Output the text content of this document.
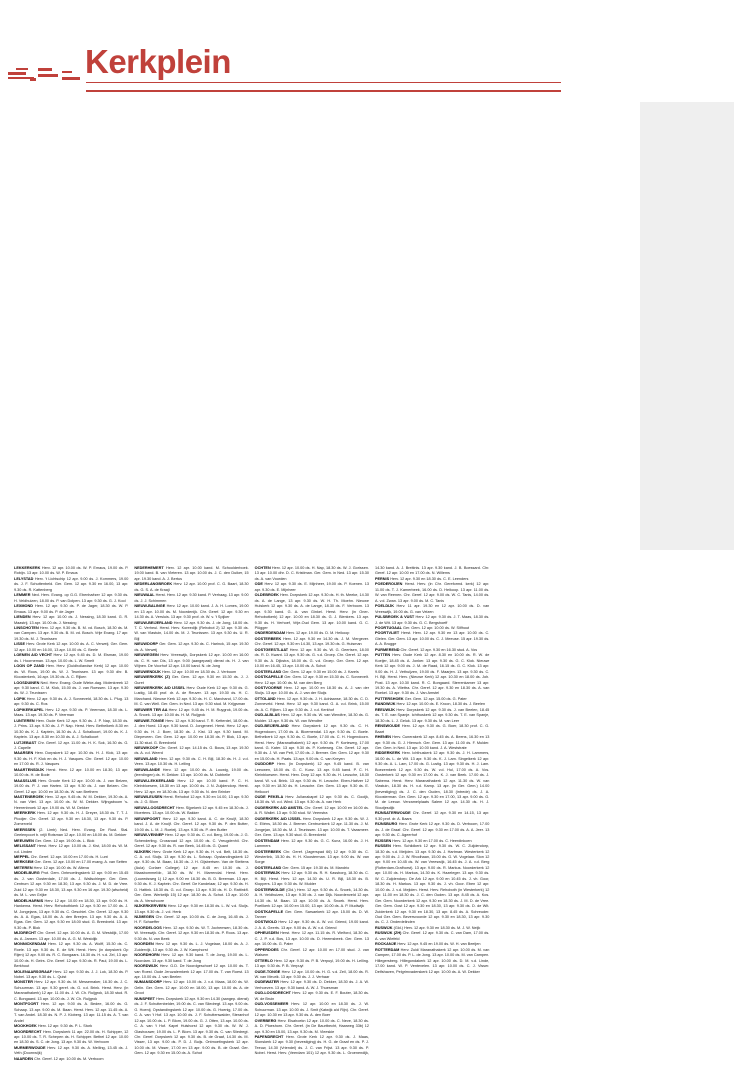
Kerkplein

LEKKERKERK Herv. 12 apr. 10.00 ds. W. P. Emaus, 19.00 ds. P. Robijn. 13 apr. 10.00 ds. W. P. Emaus

LELYSTAD Herv. 't Lichtschip 12 apr. 9.00 ds. J. Kommers, 19.00 ds. J. F. Schuttenbeld. Ger. Gem. 12 apr. 9.30 en 16.00, 13 apr. 9.30 ds. R. Kattenberg

LEMMER Ned. Herv. Evang. op G.G. Ebenhaëzer 12 apr. 9.30 ds. H. Veldhuizen, 18.00 ds. P. van Dolpen. 13 apr. 9.30 ds. G. J. Kool

LEXMOND Herv. 12 apr. 9.30 ds. P. de Jager, 18.30 ds. W. P. Emaus. 13 apr. 9.00 ds. P. de Jager

LIENDEN Herv. 12 apr. 10.00 ds. J. Nessing, 18.30 kand. G. R. Maastrij. 13 apr. 10.00 ds. J. Nessing

LINSCHOTEN Herv. 12 apr. 9.30 ds. B. M. vd. Bosch, 18.30 ds. M. van Campen. 13 apr. 9.30 ds. B. M. vd. Bosch. Vrije Evang. 17 apr. 19.30 ds. M. J. Teunissen

LISSE Herv. Grote Kerk 12 apr. 10.00 ds. A. C. Verweij. Ger. Gem. 12 apr. 10.00 en 16.00, 13 apr. 10.00 ds. C. Beele

LOENEN A/D VECHT Herv. 12 apr. 9.45 ds. D. M. Elsman, 19.00 ds. I. Hoorneman. 13 apr. 10.00 ds. L. W. Smelt

LOON OP ZAND Herv. Herv. (Duidhollandse Kerk) 12 apr. 10.00 ds. W. Roos, 19.00 ds. W. J. Teunissen. 13 apr. 9.30 dhr. B. Kloosterkerk, 16 apr. 19.30 ds. A. C. Rijken

LOOSDUINEN Ned. Herv. Evang. Oude Wieke-dag. Molenkreek 12 apr. 9.30 kand. C. M. Klok, 15.00 ds. J. van Roessen. 13 apr. 9.30 ds. W. J. Teunissen

LOPIK Herv. 12 apr. 9.30 ds. A. J. Sonneveld, 18.30 ds. L. Plug. 13 apr. 9.30 ds. C. Ros

LOPIKERKAPEL Herv. 12 apr. 9.30 ds. P. Veerman, 18.30 ds. L. Maas. 13 apr. 19.30 ds. P. Veerman

LUNTEREN Herv. Oude Kerk 12 apr. 9.30 ds. J. P. Nap, 18.30 ds. J. Prins. 13 apr. 9.30 ds. J. P. Nap. Herst. Herv. Bethelkerk 8.30 en 10.30 ds. K. J. Kaptein, 16.30 ds. A. J. Schalkoort, 19.00 ds. K. J. Kaptein. 13 apr. 8.30 en 10.30 ds. A. J. Schalkoort

LUTJEBAST Chr. Geref. 12 apr. 11.00 ds. H. K. Sok, 16.30 ds. G. J. Capelle

MAARSEN Herv. Dorpskerk 12 apr. 10.30 ds. H. J. Klok, 13 apr. 9.30 ds. H. F. Klok en ds. H. J. Vasques. Chr. Geref. 12 apr. 10.00 en 17.00 ds. R. J. Vasques

MAARTENSDIJK Herst. Herv. 12 apr. 10.00 en 18.30, 13 apr. 10.00 ds. H. de Bode

MAASSLUIS Herv. Groote Kerk 12 apr. 10.00 ds. J. van Belzen, 19.00 ds. P. J. van Harten. 13 apr. 9.30 ds. J. van Belzen. Chr. Geref. 12 apr. 10.00 en 18.30 ds. W. van Brethem

MASTENBROEK Herv. 12 apr. 9.45 ds. W. M. Dekker, 19.30 ds. A. N. van Vliet. 13 apr. 10.00 ds. W. M. Dekker. Wijngaboom 's-Heerenbroek 12 apr. 19.00 ds. W. M. Dekker

MEERKERK Herv. 12 apr. 9.30 ds. H. J. Dreyer, 18.30 ds. T. T. J. Plooijer. Chr. Geref. 12 apr. 9.30 en 18.30, 13 apr. 9.30 ds. P. Zomerveld

MEERSSEN (2. Limb) Ned. Herv. Evang. De Rust. Stal. Geelenpoort b. vrijli Rotsman 12 apr. 10.00 en 18.00 ds. M. Dekker

MEEUWEN Ger. Gem. 12 apr. 19.00 ds. L. Blok

MELISSANT Herst. Herv. 12 apr. 10.00 ds. J. Kist, 18.00 ds. W. M. v.d. Linden

MEPPEL Chr. Geref. 12 apr. 10.00 en 17.00 ds. H. Lunt

MERKSEM Ger. Gem. 12 apr. 10.00 en 17.00 evang. A. van Setten

METEREN Herv. 12 apr. 10.00 ds. W. Altena

MIDDELBURG Prot. Gem. Ontmoetingskerk 12 apr. 9.00 en 15.45 ds. J. van Oosterdale, 17.00 ds. J. Wallschleger. Ger. Gem. Centrum 12 apr. 9.30 en 18.30, 13 apr. 9.30 ds. J. M. D. de Vree. Zuid 12 apr. 9.30 en 18.30, 13 apr. 9.30 en 16 apr. 19.30 (afscheid) ds. M. L. van Grijke

MIDDELHARNIS Herv. 12 apr. 10.00 en 18.30, 13 apr. 9.00 ds. H. Hankema. Herst. Herv. Rehobothkerk 12 apr. 9.30 en 17.00 ds. J. M. Jongejans, 13 apr. 9.30 ds. C. Geschiel. Chr. Geref. 12 apr. 9.30 ds. A. A. Egas, 18.00 ds. A. den Breejen. 13 apr. 9.30 ds. A. A. Egas. Ger. Gem. 12 apr. 9.30 en 18.00 stud. G. Breedveld. 13 apr. 9.30 ds. P. Blok

MIJDRECHT Chr. Geref. 12 apr. 10.00 ds. A. G. M. Westdijk, 17.00 ds. A. Jansen. 13 apr. 10.00 ds. A. G. M. Westdijk

MONNICKENDAM Herv. 12 apr. 9.30 ds. A. Wolff, 15.30 ds. C. Roele. 13 apr. 9.30 ds. E. de Wit. Herst. Herv. (in dorpskerk Op Rijen) 12 apr. 9.00 ds. R. C. Bongaars. 16.30 ds. H. v.d. Zel, 13 apr. 10.00 ds. H. Gelrs. Chr. Geref. 12 apr. 9.30 ds. R. Paul, 19.00 ds. L. Berkhout

MOLENAARSGRAAF Herv. 12 apr. 9.30 ds. J. J. Lok, 18.30 ds. P. Nobel. 13 apr. 9.30 ds. L. Quist

MONSTER Herv. 12 apr. 9.30 ds. M. Messemaker, 16.30 ds. J. C. Schuurman. 13 apr. 9.30 geref. ds. G. v.d. Brink. Herst. Herv. (in Maranathakerk) 12 apr. 11.00 ds. J. W. Ch. Ruijgrok, 18.30 stud. R. C. Bongaard. 13 apr. 10.00 ds. J. W. Ch. Ruijgrok

MONTFOORT Herv. 12 apr. 9.00 ds. A. Bedee, 16.00 ds. G. Schaap. 13 apr. 9.00 ds. M. Baan. Herst. Herv. 12 apr. 11.45 ds. A. T. van Andel. 18.30 ds. N. P. J. Kloberg. 13 apr. 11.15 ds. A. T. van Andel

MOOKHOEK Herv. 12 apr. 9.30 ds. P. L. Stork

MOORDRECHT Herv. Dorpskerk 11 apr. 22.00 ds. H. Schipper, 12 apr. 10.00 ds. T. R. Schepen ds. H. Schipper. Bethel 12 apr. 10.00 en 18.30 ds. S. C. de Jong. 13 apr. 9.30 ds. W. Verboom

MURMERWOUDE Herv. 12 apr. 9.30 ds. A. Melling, 13.45 ds. J. Veth (Doornwijk)

NAARDEN Chr. Geref. 12 apr. 10.00 ds. M. Verboom

NEDERHEMERT Herv. 12 apr. 10.00 kand. M. Schoolderboek. 19.00 kand. B. van Vleteren. 13 apr. 10.00 ds. J. C. den Duiker, 15 apr. 19.30 kand. A. J. Bertus

NEDERLANGBROEK Herv. 12 apr. 10.00 prof. C. G. Baart, 18.30 ds. G. S. A. de Kraaji

NIEUWAAL Herst. Herv. 12 apr. 9.30 kand. P. Verhaag. 13 apr. 9.00 ds. J. J. Schimmen

NIEUW-BALINGE Herv. 12 apr. 10.00 kand. J. A. H. Lomes, 19.00 en 13 apr. 10.00 ds. M. Noordenijk. Chr. Geref. 12 apr. 9.30 en 14.30 ds. A. Versluis. 13 apr. 9.30 prof. dr. W. v. 't Spijker

NIEUW-BEIJERLAND Herv. 12 apr. 9.30 ds. J. de Jong, 18.00 ds. T. C. Verheul. Herst. Herv. Koreedijk (Rehobot 2) 12 apr. 9.30 ds. W. van Vlastuin, 14.00 ds. M. J. Teunissen. 13 apr. 9.30 ds. U. R. Bijl

NIEUWDORP Ger. Gem. 12 apr. 9.30 ds. C. Harinck, 15 apr. 19.30 ds. A. Verweij

NIEUWEGEIN Herv. Vreeswijk, Dorpskerk 12 apr. 10.00 en 16.00 ds. C. H. van Dis, 13 apr. 9.00 (aangepast) dienst ds. H. J. van Wijnen. De Voorhof 12 apr. 10.00 kand. N. de Jong

NIEUWENDIJK Herv. 12 apr. 10.00 en 18.30 ds. J. Verboom

NIEUWERKERK (Z) Ger. Gem. 12 apr. 9.30 en 15.30 ds. J. J. Guret

NIEUWERKERK A/D IJSSEL Herv. Oude Kerk 12 apr. 9.30 ds. G. Lustig, 18.45 prof. dr. A. de Reuver. 13 apr. 19.30 ds. H. C. Marchand. Nieuwe Kerk 12 apr. 9.30 ds. H. C. Marchand, 17.00 ds. M. C. van Well. Ger. Gem. in Ned. 13 apr. 9.30 stud. M. Krijgsman

NIEUWER TER AA Herv. 12 apr. 9.45 ds. H. M. Ruygrok, 19.00 ds. A. Snoek. 13 apr. 10.00 ds. H. M. Ruijgrok

NIEUWE-TONGE Herv. 12 apr. 9.30 kand. T. R. Ketterdel, 18.00 ds. J. den Hoed. 13 apr. 9.30 kand. D. Jongeneel. Herst. Herv. 12 apr. 9.30 ds. H. J. Boer, 18.30 ds. J. Kist. 13 apr. 9.30 kand. M. Diepeveen. Ger. Gem. 12 apr. 10.00 en 18.30 ds. P. Blok, 13 apr. 11.30 stud. G. Breedveld

NIEUWKOOP Chr. Geref. 12 apr. 14.15 ds. G. Bouw, 13 apr. 19.30 ds. A. v.d. Weerd

NIEUWLAND Herv. 12 apr. 9.30 ds. C. H. Bijl, 18.30 ds. H. J. v.d. Veen. 13 apr. 10.30 ds. H. Lelling

NIEUWLANDE Herv. 12 apr. 10.00 ds. A. Louwig, 19.00 ds. (leerdingen) ds. H. Dekker. 13 apr. 10.00 ds. M. Dubbelie

NIEUW-LEKKERLAND Herv. 12 apr. 10.00 kand. P. C. H. Kleinbloesem, 18.30 en 13 apr. 10.00 ds. J. N. Zuijdendorp. Herst. Herv. 12 apr. en 18.30 ds. 13 apr. 9.30 ds. N. den Brinker

NIEUWLEUSEN Herst. Rehobot 12 apr. 9.30 en 14.00, 13 apr. 9.30 ds. J. G. Blom

NIEUW-LOOSDRECHT Herv. Sijpekerk 12 apr. 9.45 en 18.30 ds. J. Moertens. 13 apr. 10.00 ds. W. Bakker

NIEUWPOORT Herv. 12 apr. 9.30 kand. A. C. de Knuijf, 18.30 kand. J. A. de Knuijf. Chr. Geref. 12 apr. 9.30 ds. P. den Butter, 19.00 ds. L. M. J. Roeleij. 13 apr. 9.30 ds. P. den Butter

NIEUW-VENNEP Herv. 12 apr. 9.30 ds. C. v.d. Berg, 19.00 ds. J. G. Schenderling. Crossroad 12 apr. 10.00 ds. C. Vreugdenhil. Chr. Geref. 12 apr. 9.30 ds. R. van Beek, 14.45 ds. G. Quant

NIJKERK Herv. Grote Kerk 12 apr. 9.30 ds. H. v.d. Belt, 18.30 ds. C. A. v.d. Sluijs. 13 apr. 9.30 ds. L. Schaap. Opstandingskerk 12 apr. 9.30 ds. M. Baan, 16.30 ds. J. H. Gijsbertsen. Van de Steltens (Aula) Corlaer College) 12 apr. 8.45 en 10.30 ds. J. Maasbommel/dr., 18.30 ds. W. H. Marrendal. Herst. Herv. (Looredsweg 1) 12 apr. 9.00 en 16.30 ds. B. D. Breeman. 13 apr. 9.30 ds. K. J. Kaptein. Chr. Geref. De Kandelaar, 12 apr. 9.30 ds. H. D. Hattink. 18.30 ds. G. v.d. Groep. 13 apr. 9.30 ds. H. D. Rattinkfl. Ger. Gem. Werkelijk 15) 12 apr. 18.30 ds. A. Schot. 13 apr. 10.00 ds. A. Verschoore

NIJKERKERVEEN Herv. 12 apr. 9.30 en 18.30 ds. L. W. v.d. Sluijs. 13 apr. 9.30 ds. J. v.d. Henk

NIJMEGEN Chr. Geref. 12 apr. 10.00 ds. C. de Jong, 16.45 ds. J. H. F. Schaeffer

NOORDELOOS Herv. 12 apr. 9.30 ds. W. T. Jochemsen, 18.30 ds. W. Vreeswijk. Chr. Geref. 12 apr. 9.30 en 18.30 ds. P. Roos. 13 apr. 9.30 ds. N. van Beek

NOORDEN Herv. 12 apr. 9.30 ds. L. J. Vogelaar, 18.00 ds. A. J. Zuidervijk, 13 apr. 9.30 ds. J. W. Kamphorst

NOORDHORN Herv. 12 apr. 9.30 kand. T. de Jong, 19.00 ds. L. Noordam. 13 apr. 9.30 kand. T. de Jong

NOORDWIJK Herv. G.D. De Noordgeschoef 12 apr. 10.00 ds. T. van Roest. Oude Jeruzalemkerk 12 apr. 17.00 ds. T. van Roest. 13 apr. 10.00 ds. J. van Beelen

NUMANSDORP Herv. 12 apr. 10.00 ds. J. v.d. Maas, 18.00 ds. W. Gelin. Ger. Gem. 12 apr. 10.00 en 18.00, 13 apr. 10.00 ds. A. de Groot

NUNSPEET Herv. Dorpskerk 12 apr. 9.30 en 14.30 (aangep. dienst) ds. J. F. Schuttenbelder, 19.00 ds. C. van Sliedregt. 13 apr. 9.00 ds. G. Hoenij. Opstandingskerk 12 apr. 10.00 ds. G. Hoenig, 17.00 ds. C. A. van 't Hof. 13 apr. 10.00 ds. J. F. Schuttenwalder, Steranhof 12 apr. 10.00 ds. L. P. Blom, 19.00 ds. G. J. Otten, 13 apr. 10.00 ds. C. A. van 't Hof. Kapel Hulshorst 12 apr. 9.30 ds. W. W. J. Glashouwer, 19.00 ds. L. P. Blom. 13 apr. 9.30 ds. C. van Sliedregt. Chr. Geref. Dorpskerk 12 apr. 9.30 ds. B. de Graaf, 14.30 ds. M. Visser, 13 apr. 9.00 ds. P. D. J. Buijs. Ontmoetingskerk 12 apr. 10.00 ds. M. Visser, 17.00 en 13 apr. 9.00 ds. B. de Graaf. Ger. Gem. 12 apr. 9.30 en 15.00 ds. A. Schot

OCHTEN Herv. 12 apr. 10.00 ds. H. Nap, 18.30 ds. W. J. Gorissen. 13 apr. 10.00 dhr. D. C. Kristiman. Ger. Gem. in Ned. 13 apr. 15.30 ds. A. van Voorden

ODE Herv. 12 apr. 9.30 ds. E. Mijnheer, 19.00 ds. P. Koenen. 13 apr. 9.30 ds. E. Mijnheer

OLDEBROEK Herv. Dorpskerk 12 apr. 9.30 ds. H. th. Meeke, 14.30 ds. A. de Lange, 13 apr. 9.30 ds. W. H. Th. Moehn. Nieuwe Hulskerk 12 apr. 9.30 ds. A. de Lange, 18.30 ds. F. Verboom. 13 apr. 9.30 kand. G. A. van Ginkel. Herst. Herv. (in Oner-Rehobotkerk) 12 apr. 10.00 en 18.30 ds. G. J. Blenkers. 13 apr. 9.30 ds. H. Verhoef, Vrije-Oud Gem. 13 apr. 10.00 kand. G. C. Plügger

ONDERDENDAM Herv. 12 apr. 19.00 ds. D. M. Heikoop

OOSTERBEEK Herv. 12 apr. 9.30 en 14.30 ds. J. M. Viergever. Chr. Geref. 12 apr. 9.30 en 14.30, 13 apr. 19.30 ds. G. Huisman

OOSTGEESTLAAT Herv. 12 apr. 9.30 ds. W. G. Geertsen, 18.00 ds. R. D. Kwant. 13 apr. 9.30 ds. G. v.d. Groep. Chr. Geref. 12 apr. 9.30 ds. A. Dijkstra, 18.00 ds. G. v.d. Groep. Ger. Gem. 12 apr. 10.00 en 16.45, 13 apr. 10.00 ds. A. Schot

OOSTERLAND Ger. Gem. 12 apr. 9.30 en 15.00 ds. J. Karels

OOSTKAPELLE Ger. Gem. 12 apr. 9.30 en 15.30 ds. C. Sonnevelt. Herv. 12 apr. 10.00 ds. M. van den Berg

OOSTVOORNE Herv. 12 apr. 10.00 en 18.30 ds. A. J. van der Sluijs. 13 apr. 10.00 ds. A. J. van der Sluijs

OTTOLAND Herv. 12 apr. 9.30 ds. J. H. Adriaanse, 18.30 ds. C. D. Zonneveld. Herst. Herv. 12 apr. 9.30 kand. G. A. v.d. Brink, 15.00 ds. A. C. Rijken. 13 apr. 9.30 ds. J. v.d. Kerkhof

OUD-ALBLAS Herv. 12 apr. 9.30 ds. W. van Wendtre, 18.30 ds. G. Mulder. 13 apr. 9.30 ds. W. van Wendtre

OUD-BEIJERLAND Herv. Dorpskerk 12 apr. 9.30 ds. C. H. Hogendoorn, 17.00 ds. A. Bloemendal. 13 apr. 9.30 ds. C. Boele. Bethelkerk 12 apr. 9.30 ds. C. Boele, 17.00 ds. C. H. Hogendoorn. Herst. Herv. (Maranathakerk) 12 apr. 9.30 ds. P. Korteweg, 17.00 kand. G. Kater. 13 apr. 9.30 ds. P. Korteweg. Chr. Geref. 12 apr. 9.30 ds. J. W. van Pelt, 17.00 ds. J. Bremer. Ger. Gem. 12 apr. 9.30 en 15.00 ds. H. Paats. 13 apr. 9.00 ds. C. van Kreyen

OUDDORP Herv. (in Dorpskerk) 12 apr. 9.45 kand. B. van Leeuwen, 18.00 ds. G. C. Kunz. 13 apr. 9.45 kand. P. C. H. Kleinbloesem. Herst. Herv. Dorp 12 apr. 9.30 ds. H. Leusche, 18.30 kand. W. v.d. Brink. 13 apr. 9.30 ds. H. Leusche. Eben-Haëzer 12 apr. 9.30 en 18.30 ds. H. Leusche. Ger. Gem. 13 apr. 9.30 ds. E. Heikoort

OUDE PEKELA Herv. Jullanakapel 12 apr. 9.30 ds. C. Gooijk, 18.30 ds. W. v.d. Wind. 13 apr. 9.30 ds. A. van Herk

OUDERKERK A/D AMSTEL Chr. Geref. 12 apr. 10.00 en 16.00 ds. A. R. Wallet. 13 apr. 9.30 stud. W. Veenstra

OUDERKERK A/D IJSSEL Herv. Dorpskerk 12 apr. 9.30 ds. W. J. C. Eliéns, 18.30 ds. J. Bremer. Centrumkerk 12 apr. 11.30 ds. J. M. Jongejan, 18.30 ds. M. J. Teunissen. 13 apr. 10.00 ds. T. Vaasmeer. Ger. Gem. 13 apr. 9.30 stud. G. Breedveld

OOSTENDAM Herv. 12 apr. 9.30 ds. G. C. Kunz, 16.00 ds. J. H. Lammers

OOSTERBEEK Chr. Geref. (Jagerspad 66) 12 apr. 9.30 ds. C. Westerlink, 15.30 ds. H. H. Kloosterman. 13 apr. 9.00 ds. W. van Sorge

OOSTERLAND Ger. Gem. 15 apr. 19.30 ds. M. Mandrio

OOSTERWIJK Herv. 12 apr. 9.30 ds. R. H. Kassborg, 18.30 ds. C. H. Bijl. Herst. Herv. 12 apr. 14.30 ds. U. R. Bijl, 18.30 ds. B. Kloppers. 13 apr. 9.30 ds. W. Mulder

OOSTERWOLDE (Gld.) Herv. 12 apr. 9.30 ds. A. Snoek, 14.30 ds. A. H. Veldhuizen, 13 apr. 9.30 ds. J. van Dijk. Noordenveld 12 apr. 14.30 ds. M. Baan. 13 apr. 10.00 ds. A. Snoek. Herst. Herv. Poellkerk 12 apr. 10.00 en 15.00, 13 apr. 10.00 ds. A. P. Mudiwijk

OOSTKAPELLE Ger. Gem. Sarsaekerk 12 apr. 15.00 ds. D. W. Tanner

OOSTWOLD Herv. 12 apr. 9.30 ds. A. W. v.d. Griend, 19.00 kand. J. A. A. Geerts. 13 apr. 9.00 ds. A. W. v.d. Griend

OPHEUSDEN Herst. Herv. 12 apr. 11.15 ds. R. Welford, 18.30 ds. C. J. P. v.d. Bos, 13 apr. 10.00 ds. D. Heemsbeek. Ger. Gem. 13 apr. 10.00 ds. G. Pater

OPPERDOES Chr. Geref. 12 apr. 10.00 en 17.00 stud. J. van Walsem

OTTERLO Herv. 12 apr. 9.30 ds. P. B. Verpuyl, 19.00 ds. H. Lelling. 13 apr. 9.30 ds. P. B. Verpuyl

OUDE-TONGE Herv. 12 apr. 10.00 ds. H. G. v.d. Zeil, 18.00 ds. R. W. van Meurik. 13 apr. 9.30 ds. J. J. Verhaar

OUDEWATER Herv. 12 apr. 9.30 ds. D. Dekker, 18.30 ds. J. A. W. Verhoeven. 13 apr. 9.30 kand. A. W. J. Thuesman

OUD-LOOSDRECHT Herv. 12 apr. 9.30 ds. E. F. Bouter, 18.30 ds. W. de Bruin

OUD-VOSSEMEER Herv. 12 apr. 10.00 en 18.30 ds. J. W. Schuurman. 13 apr. 10.00 ds. J. Smit (Katwijk a/d Rijn). Chr. Geref. 12 apr. 10.30 en 13 apr. 9.30 ds. A. den Boer

OVERBERG Herv. Elsahoekn 12 apr. 10.00 ds. C. Neve, 18.30 ds. A. D. Ploeshorn. Chr. Geref. (in De Baurtbecht, Haarweg 33b) 12 apr. 9.30 en 15.00, 13 apr. 9.30 ds. M. Vleeskie

PAPENDRECHT Herv. Grote Kerk 12 apr. 9.30 ds. J. Maas, Sionskerk 12 apr. 9.30 (bevestiging) ds. H. G. de Graaf en ds. P. J. Teeuw, 14.30 (Vriendel) ds. J. C. van Frijst. 13 apr. 9.30 ds. P. Nobel. Herst. Herv. (Veerdam 101) 12 apr. 9.30 ds. L. Groenendijk, 14.30 kand. A. J. Breitinis. 13 apr. 9.30 kand. J. B. Boessard. Chr. Geref. 12 apr. 10.00 en 17.00 ds. N. Willems

PERNIS Herv. 12 apr. 9.30 en 18.30 ds. C. E. Leenders

POEDEROIJEN Herst. Herv. (in Chr. Gereformd. kerk) 12 apr. 11.00 ds. T. J. Kamerbeek, 16.00 ds. D. Heikoop. 13 apr. 11.00 ds. W. van Reenen. Chr. Geref. 12 apr. 9.00 ds. W. C. Tanis, 14.00 ds. A. v.d. Zwan. 13 apr. 9.00 ds. M. C. Tanis

POELDIJK Herv. 11 apr. 19.30 en 12 apr. 10.00 ds. D. van Vreeswijk, 19.00 ds. G. van Velzen

PULSBROEK & VUST Herv. 12 apr. 9.30 ds. J. T. Maas, 18.30 ds. J. de Wit. 13 apr. 9.30 ds. G. C. Bergshoeff

POORTUGAAL Ger. Gem. 12 apr. 10.00 ds. W. Silfhout

POORTVLIET Herst. Herv. 12 apr. 9.30 en 13 apr. 10.00 ds. C. Gielen. Ger. Gem. 13 apr. 10.00 ds. C. J. Meeuse. 15 apr. 19.30 ds. A. A. Brugge

PURMEREND Chr. Geref. 12 apr. 9.30 en 16.30 stud. A. Vos

PUTTEN Herv. Oude Kerk 12 apr. 8.30 en 10.00 ds. R. W. de Koeijer, 18.45 ds. A. Jonker. 13 apr. 9.30 ds. G. C. Klok. Nieuwe Kerk 12 apr. 9.00 ds. J. M. de Raad, 16.15 ds. G. C. Klok. 13 apr. 9.00 ds. H. J. Vethuijzen, 19.00 ds. F. Maarjen. 13 apr. 9.30 ds. C. H. Bijl. Herst. Herv. (Nieuwe Kerk) 12 apr. 10.30 en 18.00 ds. Joh. Post. 13 apr. 10.30 kand. R. C. Bongaard. Sterrenkamer 13 apr. 19.30 ds. A. Vliettra. Chr. Geref. 12 apr. 9.30 en 18.30 ds. A. van Roekel. 13 apr. 9.30 ds. J. Van Amstel

PUTTERSHOEK Ger. Gem. 12 apr. 15.00 ds. G. Pater

RANDWIJK Herv. 12 apr. 10.00 ds. E. Kroon, 18.30 ds. J. Beelen

REEUWIJK Herv. Dorpskerk 12 apr. 9.30 ds. J. van Beelen, 18.45 ds. T. E. van Spanje. Ichthuskerk 12 apr. 9.30 ds. T. E. van Spanje, 18.30 ds. L. J. Geluk. 13 apr. 9.30 ds. M. van Leer

RENSWOUDE Herv. 12 apr. 9.30 ds. G. Boer, 18.30 prof. C. G. Baart

RHENEN Herv. Cunerakerk 12 apr. 8.45 ds. A. Beens, 16.30 en 13 apr. 9.30 ds. G. J. Hiensch. Ger. Gem. 13 apr. 11.00 ds. F. Mulder. Ger. Gem. in Ned. 13 apr. 10.00 kand. J. A. Weststrate

RIDDERKERK Herv. Ichthuskerk 12 apr. 9.30 ds. J. H. Lammers, 16.00 ds. L. de Wit. 13 apr. 9.30 ds. K. J. Lam. Singelkerk 12 apr. 9.30 ds. A. L. Lam, 17.00 ds. G. Lustig. 13 apr. 9.30 ds. H. J. Lam. Boezemkerk 12 apr. 9.30 ds. W. v.d. Hul, 17.00 ds. A. Vos. Oosterkerk 12 apr. 9.30 en 17.00 ds. K. J. van Beek. 17.00 ds. J. Sabema. Herst. Herv. Maranathakerk 12 apr. 11.30 ds. W. van Vlastuin, 18.30 ds. H. v.d. Kamp. 13 apr. (in Ger. Gem.) 14.00 (bevestiging) ds. J. C. den Ouden, 18.30 (intrede) ds. J. A. Kloosterman. Ger. Gem. 12 apr. 9.30 en 17.00, 13 apr. 9.00 ds. G. M. de Leeuw. Verzamelplaats Salem 12 apr. 14.30 ds. H. J. Stoutjesdijk

RIJNSATERWOUDE Chr. Geref. 12 apr. 9.30 en 14.15, 13 apr. 9.30 prof. dr. A. Baars

RIJNSBURG Herv. Grote Kerk 12 apr. 9.30 ds. D. Verboom, 17.00 ds. J. de Graaf. Chr. Geref. 12 apr. 9.30 en 17.00 ds. A. A. Jeer. 13 apr. 9.30 ds. C. Ageerhof

RIJSSEN Herv. 12 apr. 9.30 en 17.00 ds. C. Heerdinkoen

RUSSEN Herv. Schildkerk 12 apr. 9.30 ds. W. C. Zuijdendorp, 18.30 ds. v.d. Meijden. 13 apr. 9.30 ds. J. Hartman. Westerkerk 12 apr. 9.00 ds. J. J. W. Rhodhaan, 15.00 ds. G. W. Vogelaar. Sion 12 apr. 9.00 en 10.45 ds. W. van Vreeswijk, 16.45 ds. J. A. v.d. Berg (Rotterdam-Grafhorst). 13 apr. 9.00 ds. R. Markus. Noorderkerk 12 apr. 10.00 ds. H. Markus, 14.30 ds. K. Hazeleger. 13 apr. 9.30 ds. W. C. Zuijdendorp. De Ark 12 apr. 9.00 en 10.45 ds. J. vh. Goor, 18.30 ds. H. Markus. 13 apr. 9.30 ds. J. vh. Goor. Eben 12 apr. 10.00 ds. J. v.d. Mejiden. Herst. Herv. Rehoboth (in Westerkerk) 12 apr. 11.00 en 18.30 ds. J. C. den Ouden. 13 apr. 8.45 ds. A. Kos. Ger. Gem. Noorderkerk 12 apr. 9.30 en 18.30 ds. J. M. D. de Vree. Ger. Gem. Oost 12 apr. 9.30 en 18.30, 13 apr. 9.30 ds. D. de Wit. Zuiderkerk 12 apr. 9.30 en 18.30, 13 apr. 8.45 ds. A. Schreuder. Oud Ger. Gem. Beversvoorde 12 apr. 9.30 en 18.30, 13 apr. 9.30 ds. C. J. Onderdelinden

RUSWIJK (Gld.) Herv. 12 apr. 9.30 en 18.30 ds. M. J. W. Neijk

RUSWIJK (ZH) Chr. Geref. 12 apr. 9.30 ds. C. van Dam, 17.00 ds. A. van Wiefeld

ROCKANJE Herv. 12 apr. 9.45 en 19.00 ds. W. H. van Beeijen

ROTTERDAM Herv. Zuid/ Maranathakerk 12 apr. 10.00 ds. M. van Campen, 17.00 ds. P. L. de Jong. 13 apr. 10.00 ds. M. van Campen. Hillegersberg. Hillegondakerk 12 apr. 10.00 ds. D. M. v.d. Linde, 17.00 kand. W. P. Ventevelen. 13 apr. 10.00 ds. C. J. Visser. Delfshaven, Pelgrimvaderskerk 12 apr. 10.00 ds. A. W. Dekker
